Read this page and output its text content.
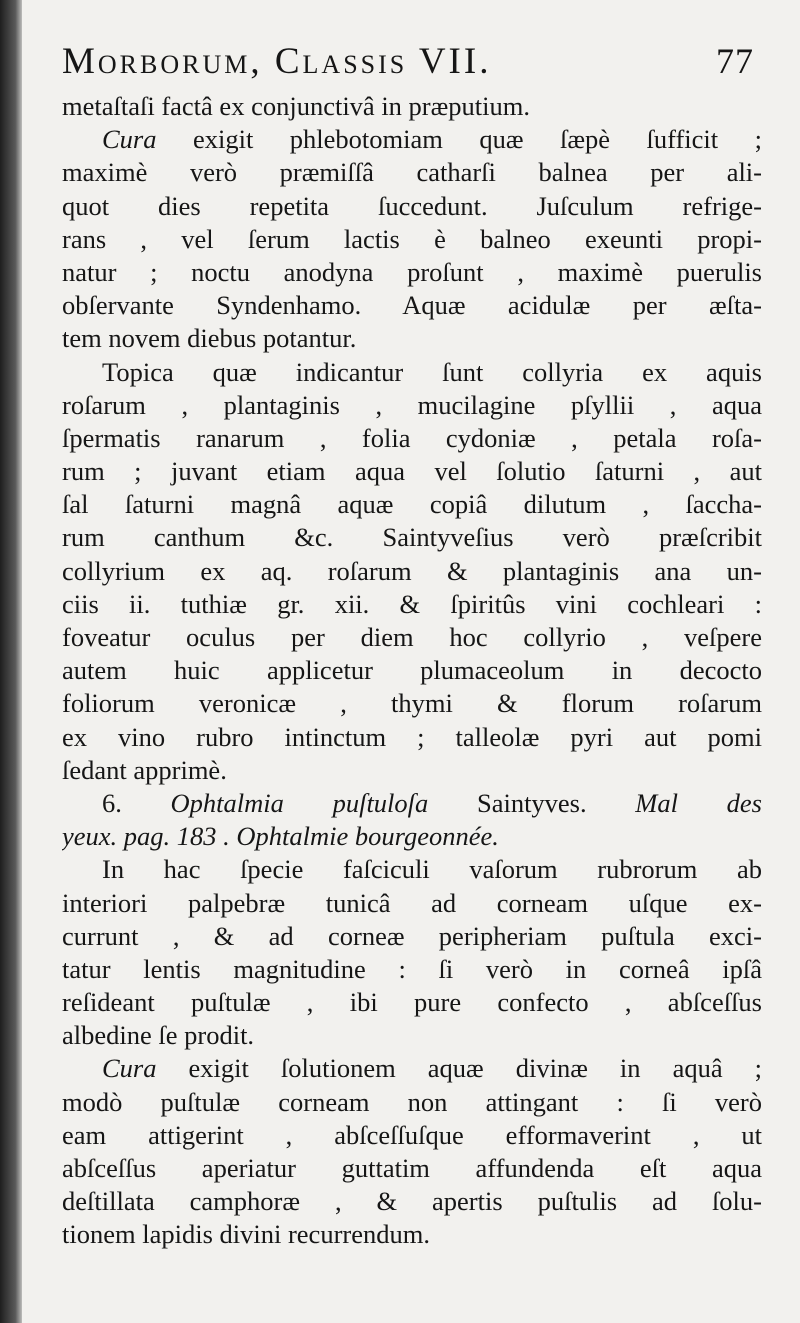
Morborum, Classis VII.	77
metaſtaſi factâ ex conjunctivâ in præputium.
Cura exigit phlebotomiam quæ ſæpè ſufficit ;
maximè verò præmiſſâ catharſi balnea per ali-
quot dies repetita ſuccedunt. Juſculum refrige-
rans , vel ſerum lactis è balneo exeunti propi-
natur ; noctu anodyna proſunt , maximè puerulis
obſervante Syndenhamo. Aquæ acidulæ per æſta-
tem novem diebus potantur.
Topica quæ indicantur ſunt collyria ex aquis
roſarum , plantaginis , mucilagine pſyllii , aqua
ſpermatis ranarum , folia cydoniæ , petala roſa-
rum ; juvant etiam aqua vel ſolutio ſaturni , aut
ſal ſaturni magnâ aquæ copiâ dilutum , ſaccha-
rum canthum &c. Saintyveſius verò præſcribit
collyrium ex aq. roſarum & plantaginis ana un-
ciis ii. tuthiæ gr. xii. & ſpiritûs vini cochleari :
foveatur oculus per diem hoc collyrio , veſpere
autem huic applicetur plumaceolum in decocto
foliorum veronicæ , thymi & florum roſarum
ex vino rubro intinctum ; talleolæ pyri aut pomi
ſedant apprimè.
6. Ophtalmia puſtuloſa Saintyves. Mal des
yeux. pag. 183 . Ophtalmie bourgeonnée.
In hac ſpecie faſciculi vaſorum rubrorum ab
interiori palpebræ tunicâ ad corneam uſque ex-
currunt , & ad corneæ peripheriam puſtula exci-
tatur lentis magnitudine : ſi verò in corneâ ipſâ
reſideant puſtulæ , ibi pure confecto , abſceſſus
albedine ſe prodit.
Cura exigit ſolutionem aquæ divinæ in aquâ ;
modò puſtulæ corneam non attingant : ſi verò
eam attigerint , abſceſſuſque efformaverint , ut
abſceſſus aperiatur guttatim affundenda eſt aqua
deſtillata camphoræ , & apertis puſtulis ad ſolu-
tionem lapidis divini recurrendum.
